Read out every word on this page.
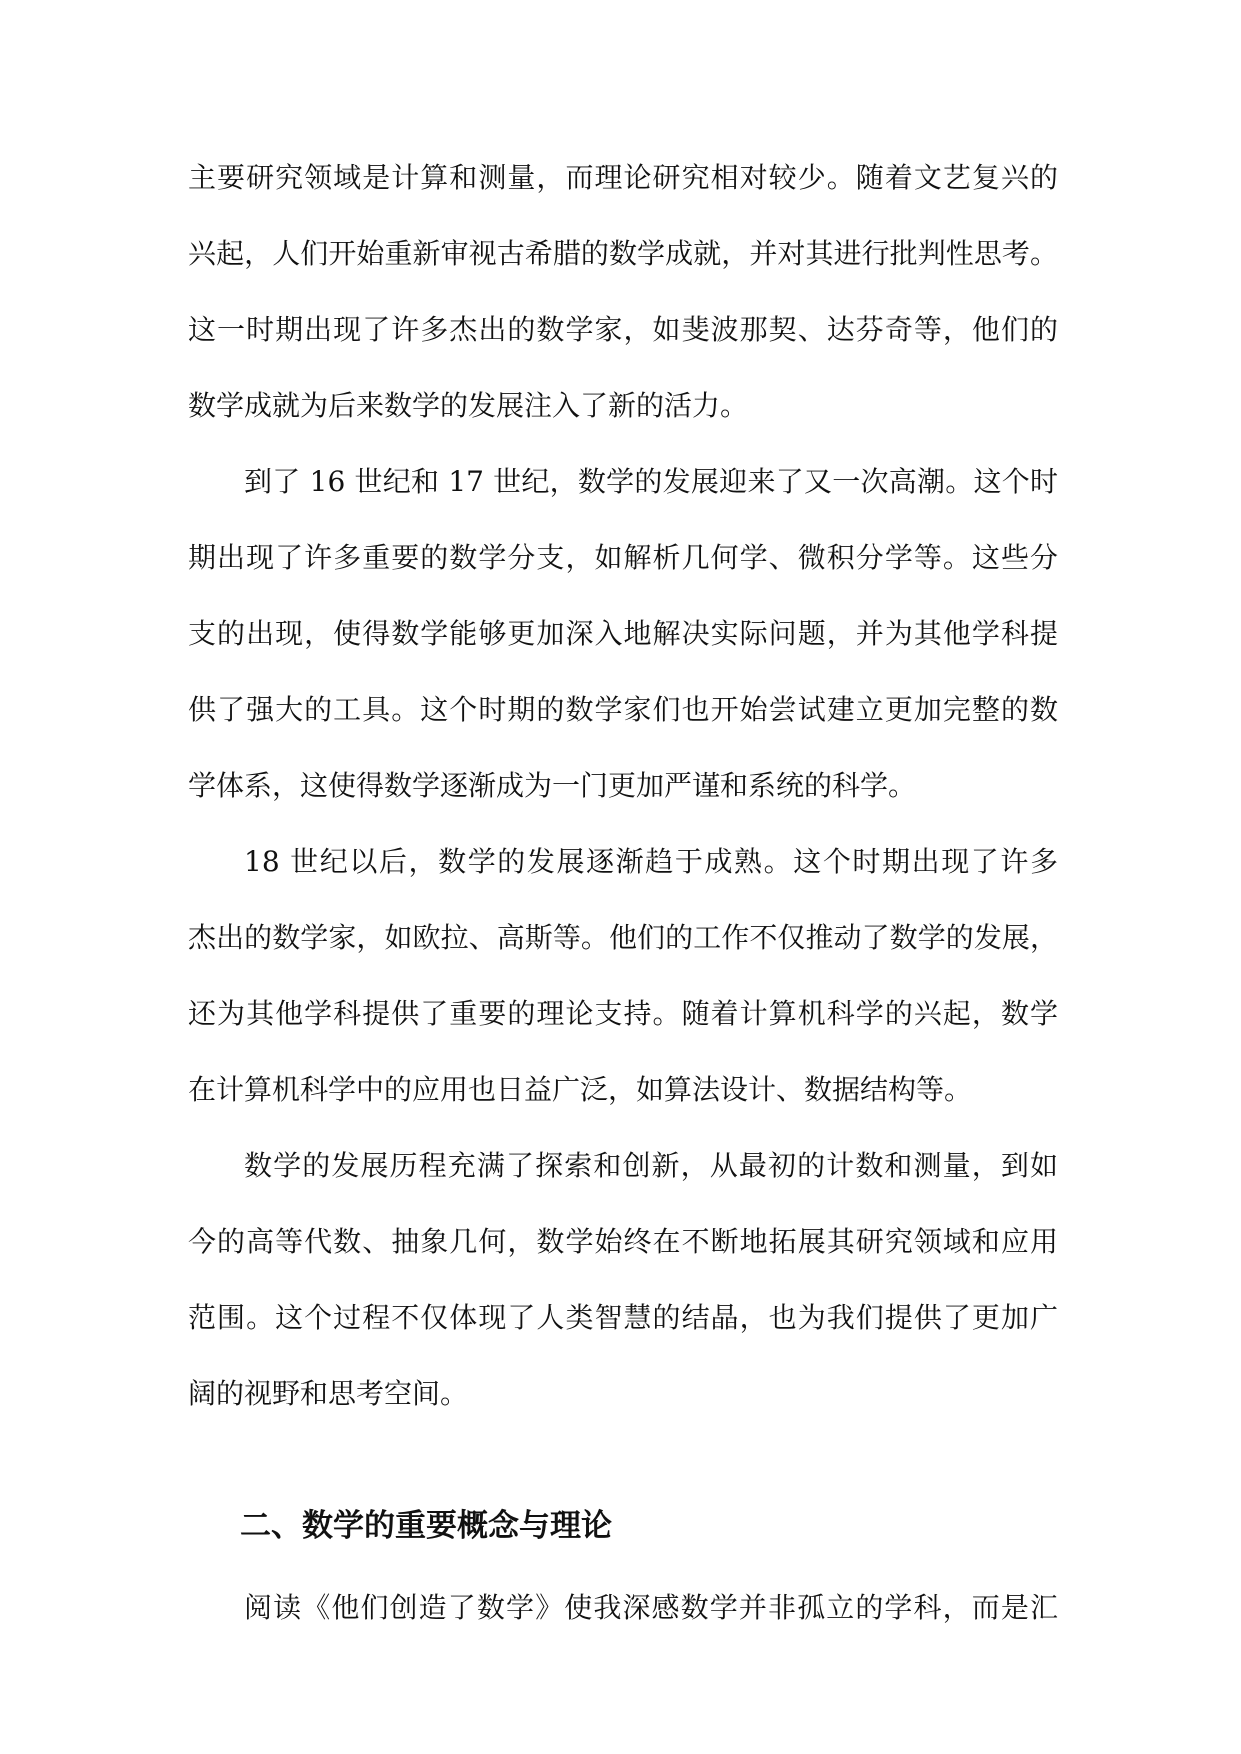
主要研究领域是计算和测量，而理论研究相对较少。随着文艺复兴的
兴起，人们开始重新审视古希腊的数学成就，并对其进行批判性思考。
这一时期出现了许多杰出的数学家，如斐波那契、达芬奇等，他们的
数学成就为后来数学的发展注入了新的活力。
到了 16 世纪和 17 世纪，数学的发展迎来了又一次高潮。这个时
期出现了许多重要的数学分支，如解析几何学、微积分学等。这些分
支的出现，使得数学能够更加深入地解决实际问题，并为其他学科提
供了强大的工具。这个时期的数学家们也开始尝试建立更加完整的数
学体系，这使得数学逐渐成为一门更加严谨和系统的科学。
18 世纪以后，数学的发展逐渐趋于成熟。这个时期出现了许多
杰出的数学家，如欧拉、高斯等。他们的工作不仅推动了数学的发展，
还为其他学科提供了重要的理论支持。随着计算机科学的兴起，数学
在计算机科学中的应用也日益广泛，如算法设计、数据结构等。
数学的发展历程充满了探索和创新，从最初的计数和测量，到如
今的高等代数、抽象几何，数学始终在不断地拓展其研究领域和应用
范围。这个过程不仅体现了人类智慧的结晶，也为我们提供了更加广
阔的视野和思考空间。
二、数学的重要概念与理论
阅读《他们创造了数学》使我深感数学并非孤立的学科，而是汇
